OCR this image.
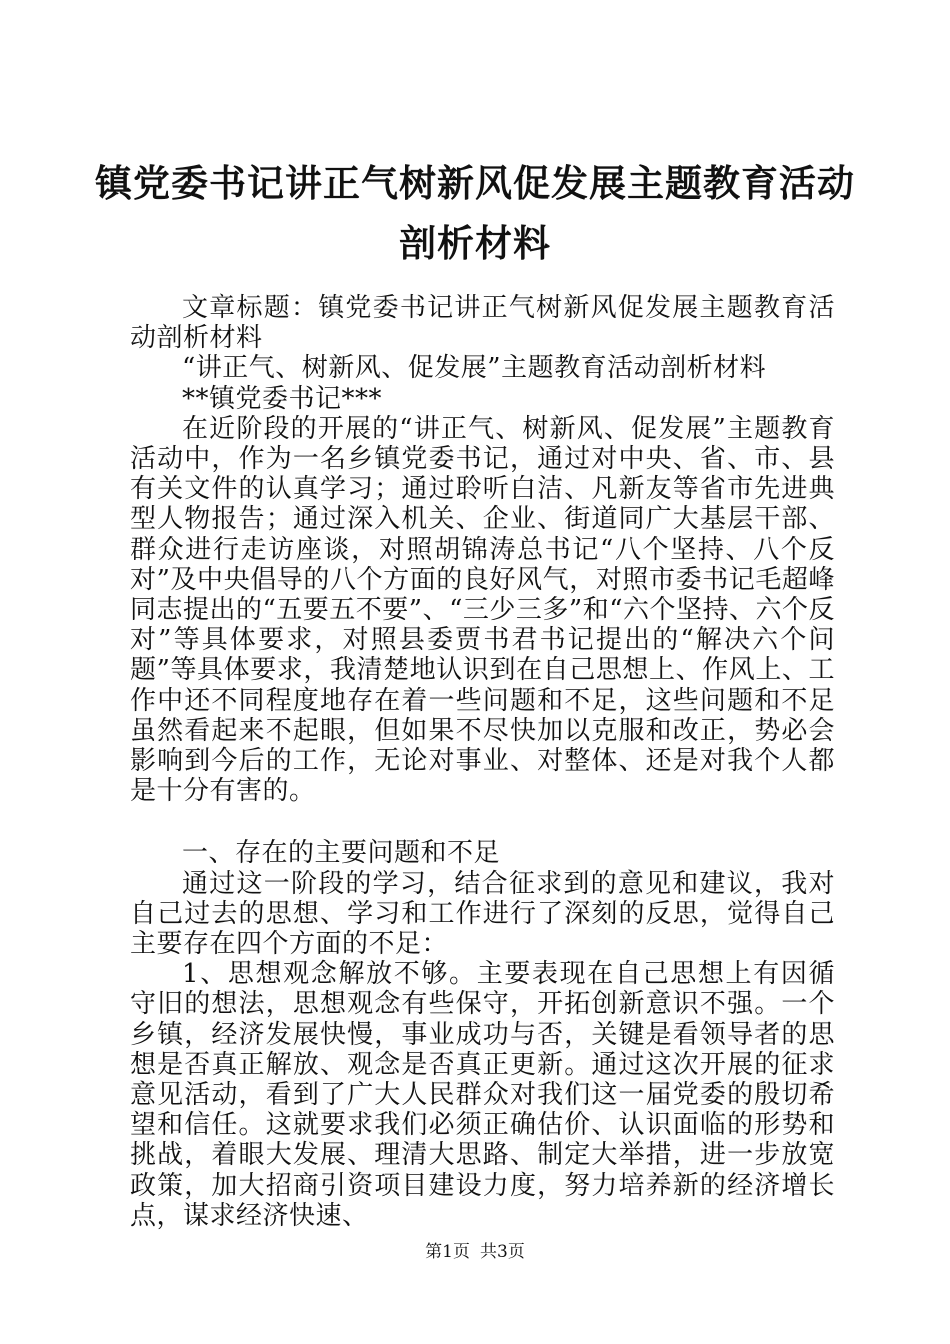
镇党委书记讲正气树新风促发展主题教育活动
剖析材料

文章标题：镇党委书记讲正气树新风促发展主题教育活动剖析材料

“讲正气、树新风、促发展”主题教育活动剖析材料

**镇党委书记***

在近阶段的开展的“讲正气、树新风、促发展”主题教育活动中，作为一名乡镇党委书记，通过对中央、省、市、县有关文件的认真学习；通过聆听白洁、凡新友等省市先进典型人物报告；通过深入机关、企业、街道同广大基层干部、群众进行走访座谈，对照胡锦涛总书记“八个坚持、八个反对”及中央倡导的八个方面的良好风气，对照市委书记毛超峰同志提出的“五要五不要”、“三少三多”和“六个坚持、六个反对”等具体要求，对照县委贾书君书记提出的“解决六个问题”等具体要求，我清楚地认识到在自己思想上、作风上、工作中还不同程度地存在着一些问题和不足，这些问题和不足虽然看起来不起眼，但如果不尽快加以克服和改正，势必会影响到今后的工作，无论对事业、对整体、还是对我个人都是十分有害的。

一、存在的主要问题和不足

通过这一阶段的学习，结合征求到的意见和建议，我对自己过去的思想、学习和工作进行了深刻的反思，觉得自己主要存在四个方面的不足：

1、思想观念解放不够。主要表现在自己思想上有因循守旧的想法，思想观念有些保守，开拓创新意识不强。一个乡镇，经济发展快慢，事业成功与否，关键是看领导者的思想是否真正解放、观念是否真正更新。通过这次开展的征求意见活动，看到了广大人民群众对我们这一届党委的殷切希望和信任。这就要求我们必须正确估价、认识面临的形势和挑战，着眼大发展、理清大思路、制定大举措，进一步放宽政策，加大招商引资项目建设力度，努力培养新的经济增长点，谋求经济快速、

第1页 共3页
